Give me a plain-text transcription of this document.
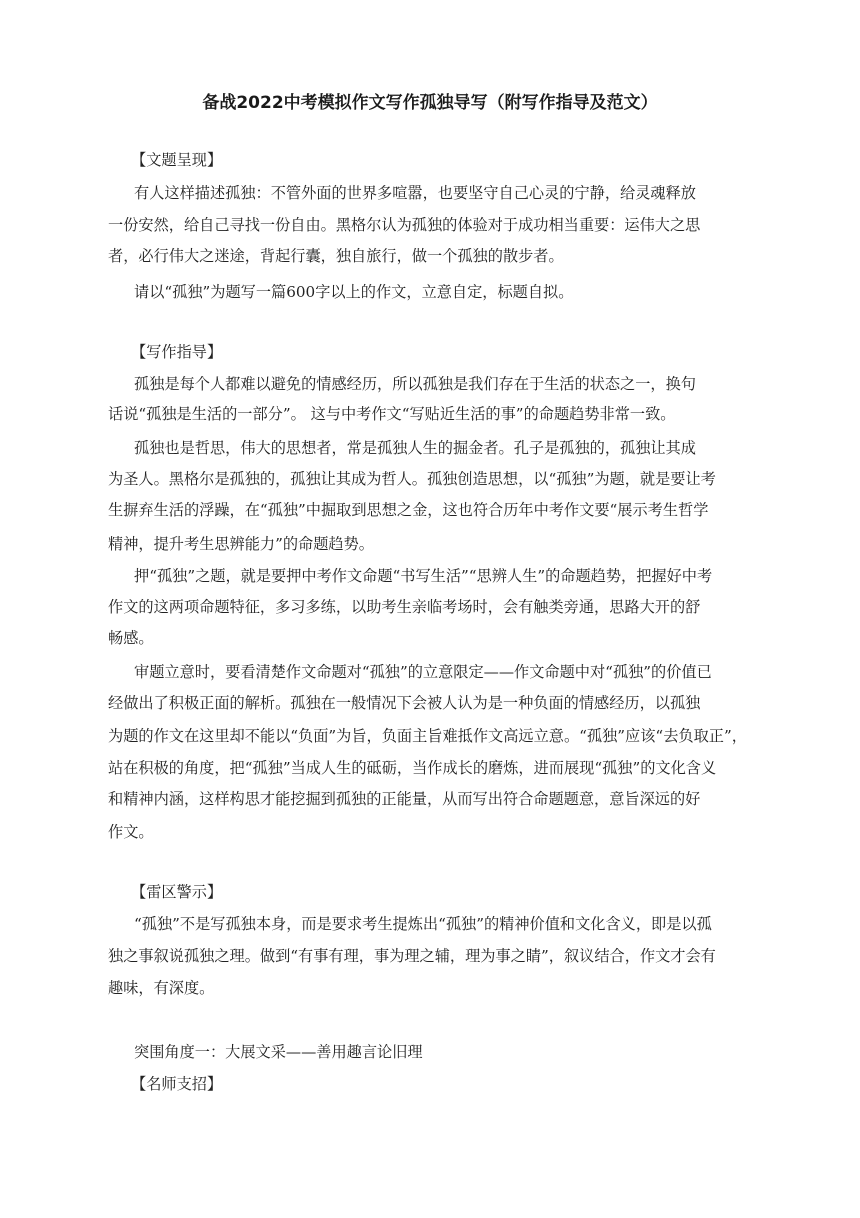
备战2022中考模拟作文写作孤独导写（附写作指导及范文）
【文题呈现】
有人这样描述孤独：不管外面的世界多喧嚣，也要坚守自己心灵的宁静，给灵魂释放
一份安然，给自己寻找一份自由。黑格尔认为孤独的体验对于成功相当重要：运伟大之思
者，必行伟大之迷途，背起行囊，独自旅行，做一个孤独的散步者。
请以“孤独”为题写一篇600字以上的作文，立意自定，标题自拟。
【写作指导】
孤独是每个人都难以避免的情感经历，所以孤独是我们存在于生活的状态之一，换句
话说“孤独是生活的一部分”。 这与中考作文“写贴近生活的事”的命题趋势非常一致。
孤独也是哲思，伟大的思想者，常是孤独人生的掘金者。孔子是孤独的，孤独让其成
为圣人。黑格尔是孤独的，孤独让其成为哲人。孤独创造思想，以“孤独”为题，就是要让考
生摒弃生活的浮躁，在“孤独”中掘取到思想之金，这也符合历年中考作文要“展示考生哲学
精神，提升考生思辨能力”的命题趋势。
押“孤独”之题，就是要押中考作文命题“书写生活”“思辨人生”的命题趋势，把握好中考
作文的这两项命题特征，多习多练，以助考生亲临考场时，会有触类旁通，思路大开的舒
畅感。
审题立意时，要看清楚作文命题对“孤独”的立意限定——作文命题中对“孤独”的价值已
经做出了积极正面的解析。孤独在一般情况下会被人认为是一种负面的情感经历，以孤独
为题的作文在这里却不能以“负面”为旨，负面主旨难抵作文高远立意。“孤独”应该“去负取正”，
站在积极的角度，把“孤独”当成人生的砥砺，当作成长的磨炼，进而展现“孤独”的文化含义
和精神内涵，这样构思才能挖掘到孤独的正能量，从而写出符合命题题意，意旨深远的好
作文。
【雷区警示】
“孤独”不是写孤独本身，而是要求考生提炼出“孤独”的精神价值和文化含义，即是以孤
独之事叙说孤独之理。做到“有事有理，事为理之辅，理为事之睛”，叙议结合，作文才会有
趣味，有深度。
突围角度一：大展文采——善用趣言论旧理
【名师支招】
